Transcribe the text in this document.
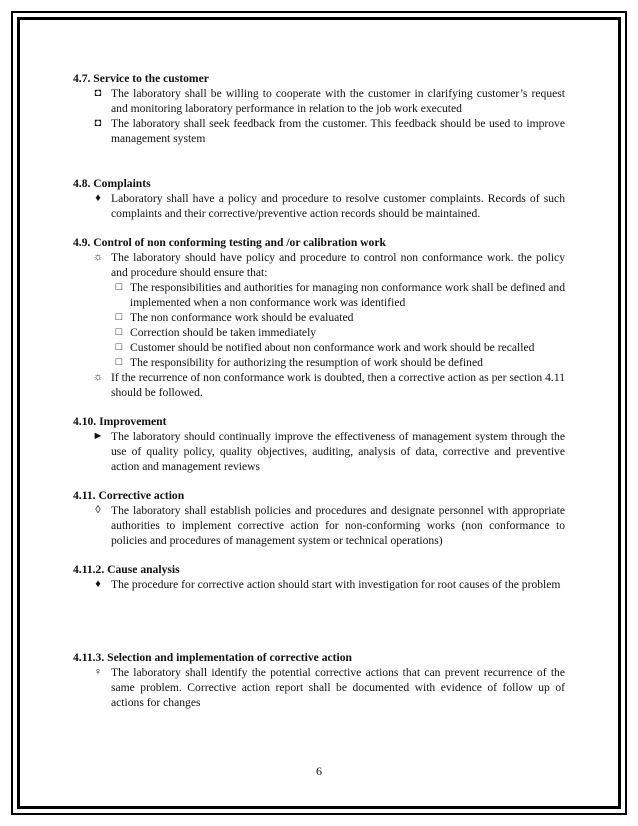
4.7. Service to the customer
◘ The laboratory shall be willing to cooperate with the customer in clarifying customer’s request and monitoring laboratory performance in relation to the job work executed
◘ The laboratory shall seek feedback from the customer. This feedback should be used to improve management system
4.8. Complaints
♦ Laboratory shall have a policy and procedure to resolve customer complaints. Records of such complaints and their corrective/preventive action records should be maintained.
4.9. Control of non conforming testing and /or calibration work
☼ The laboratory should have policy and procedure to control non conformance work. the policy and procedure should ensure that:
□ The responsibilities and authorities for managing non conformance work shall be defined and implemented when a non conformance work was identified
□ The non conformance work should be evaluated
□ Correction should be taken immediately
□ Customer should be notified about non conformance work and work should be recalled
□ The responsibility for authorizing the resumption of work should be defined
☼ If the recurrence of non conformance work is doubted, then a corrective action as per section 4.11 should be followed.
4.10. Improvement
► The laboratory should continually improve the effectiveness of management system through the use of quality policy, quality objectives, auditing, analysis of data, corrective and preventive action and management reviews
4.11. Corrective action
◊ The laboratory shall establish policies and procedures and designate personnel with appropriate authorities to implement corrective action for non-conforming works (non conformance to policies and procedures of management system or technical operations)
4.11.2. Cause analysis
♦ The procedure for corrective action should start with investigation for root causes of the problem
4.11.3. Selection and implementation of corrective action
♀ The laboratory shall identify the potential corrective actions that can prevent recurrence of the same problem. Corrective action report shall be documented with evidence of follow up of actions for changes
6
